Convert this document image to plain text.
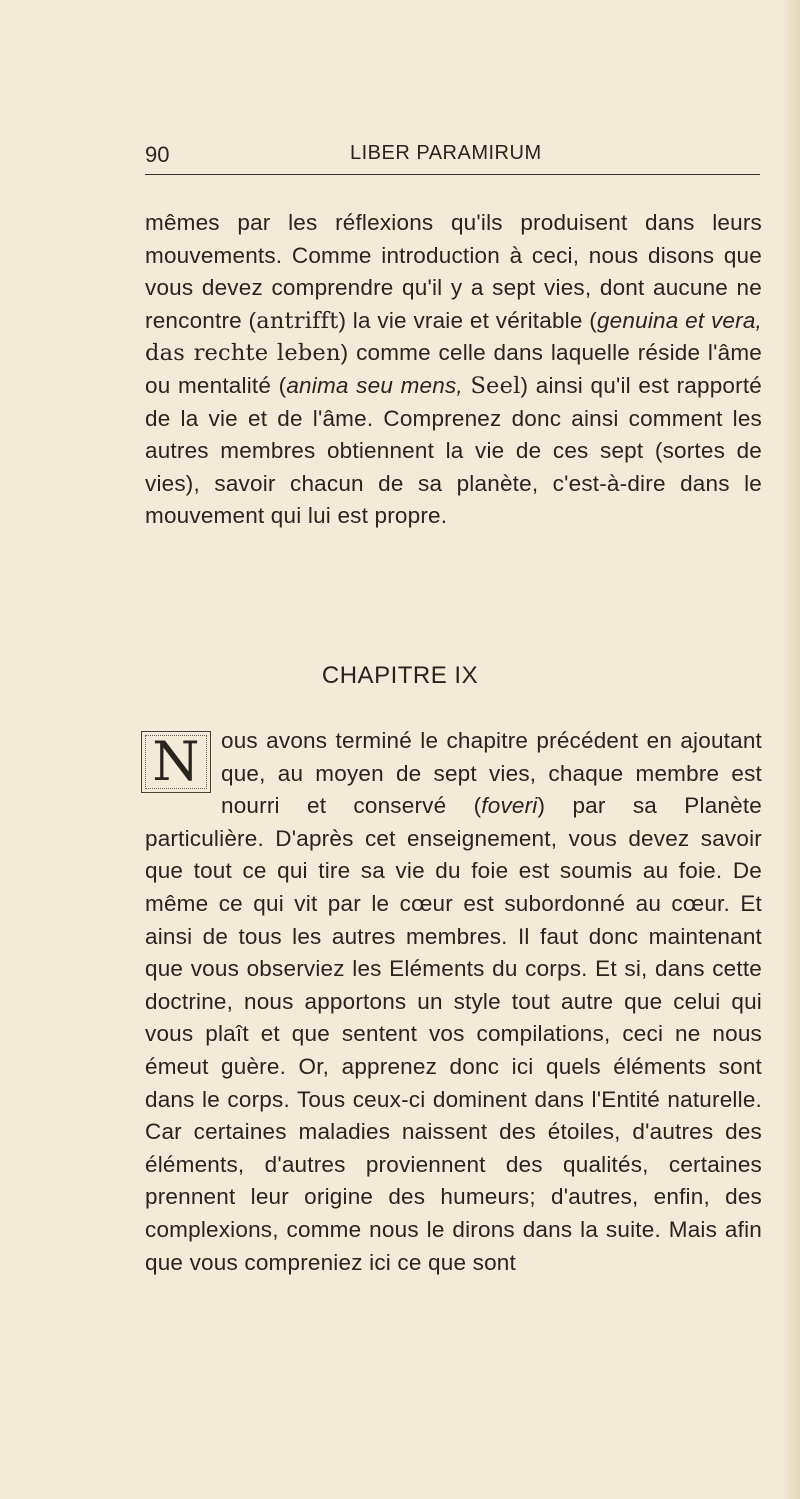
90	LIBER PARAMIRUM

mêmes par les réflexions qu'ils produisent dans leurs mouvements. Comme introduction à ceci, nous disons que vous devez comprendre qu'il y a sept vies, dont aucune ne rencontre (antrifft) la vie vraie et véritable (genuina et vera, das rechte leben) comme celle dans laquelle réside l'âme ou mentalité (anima seu mens, Seel) ainsi qu'il est rapporté de la vie et de l'âme. Comprenez donc ainsi comment les autres membres obtiennent la vie de ces sept (sortes de vies), savoir chacun de sa planète, c'est-à-dire dans le mouvement qui lui est propre.

CHAPITRE IX

N ous avons terminé le chapitre précédent en ajoutant que, au moyen de sept vies, chaque membre est nourri et conservé (foveri) par sa Planète particulière. D'après cet enseignement, vous devez savoir que tout ce qui tire sa vie du foie est soumis au foie. De même ce qui vit par le cœur est subordonné au cœur. Et ainsi de tous les autres membres. Il faut donc maintenant que vous observiez les Eléments du corps. Et si, dans cette doctrine, nous apportons un style tout autre que celui qui vous plaît et que sentent vos compilations, ceci ne nous émeut guère. Or, apprenez donc ici quels éléments sont dans le corps. Tous ceux-ci dominent dans l'Entité naturelle. Car certaines maladies naissent des étoiles, d'autres des éléments, d'autres proviennent des qualités, certaines prennent leur origine des humeurs; d'autres, enfin, des complexions, comme nous le dirons dans la suite. Mais afin que vous compreniez ici ce que sont
